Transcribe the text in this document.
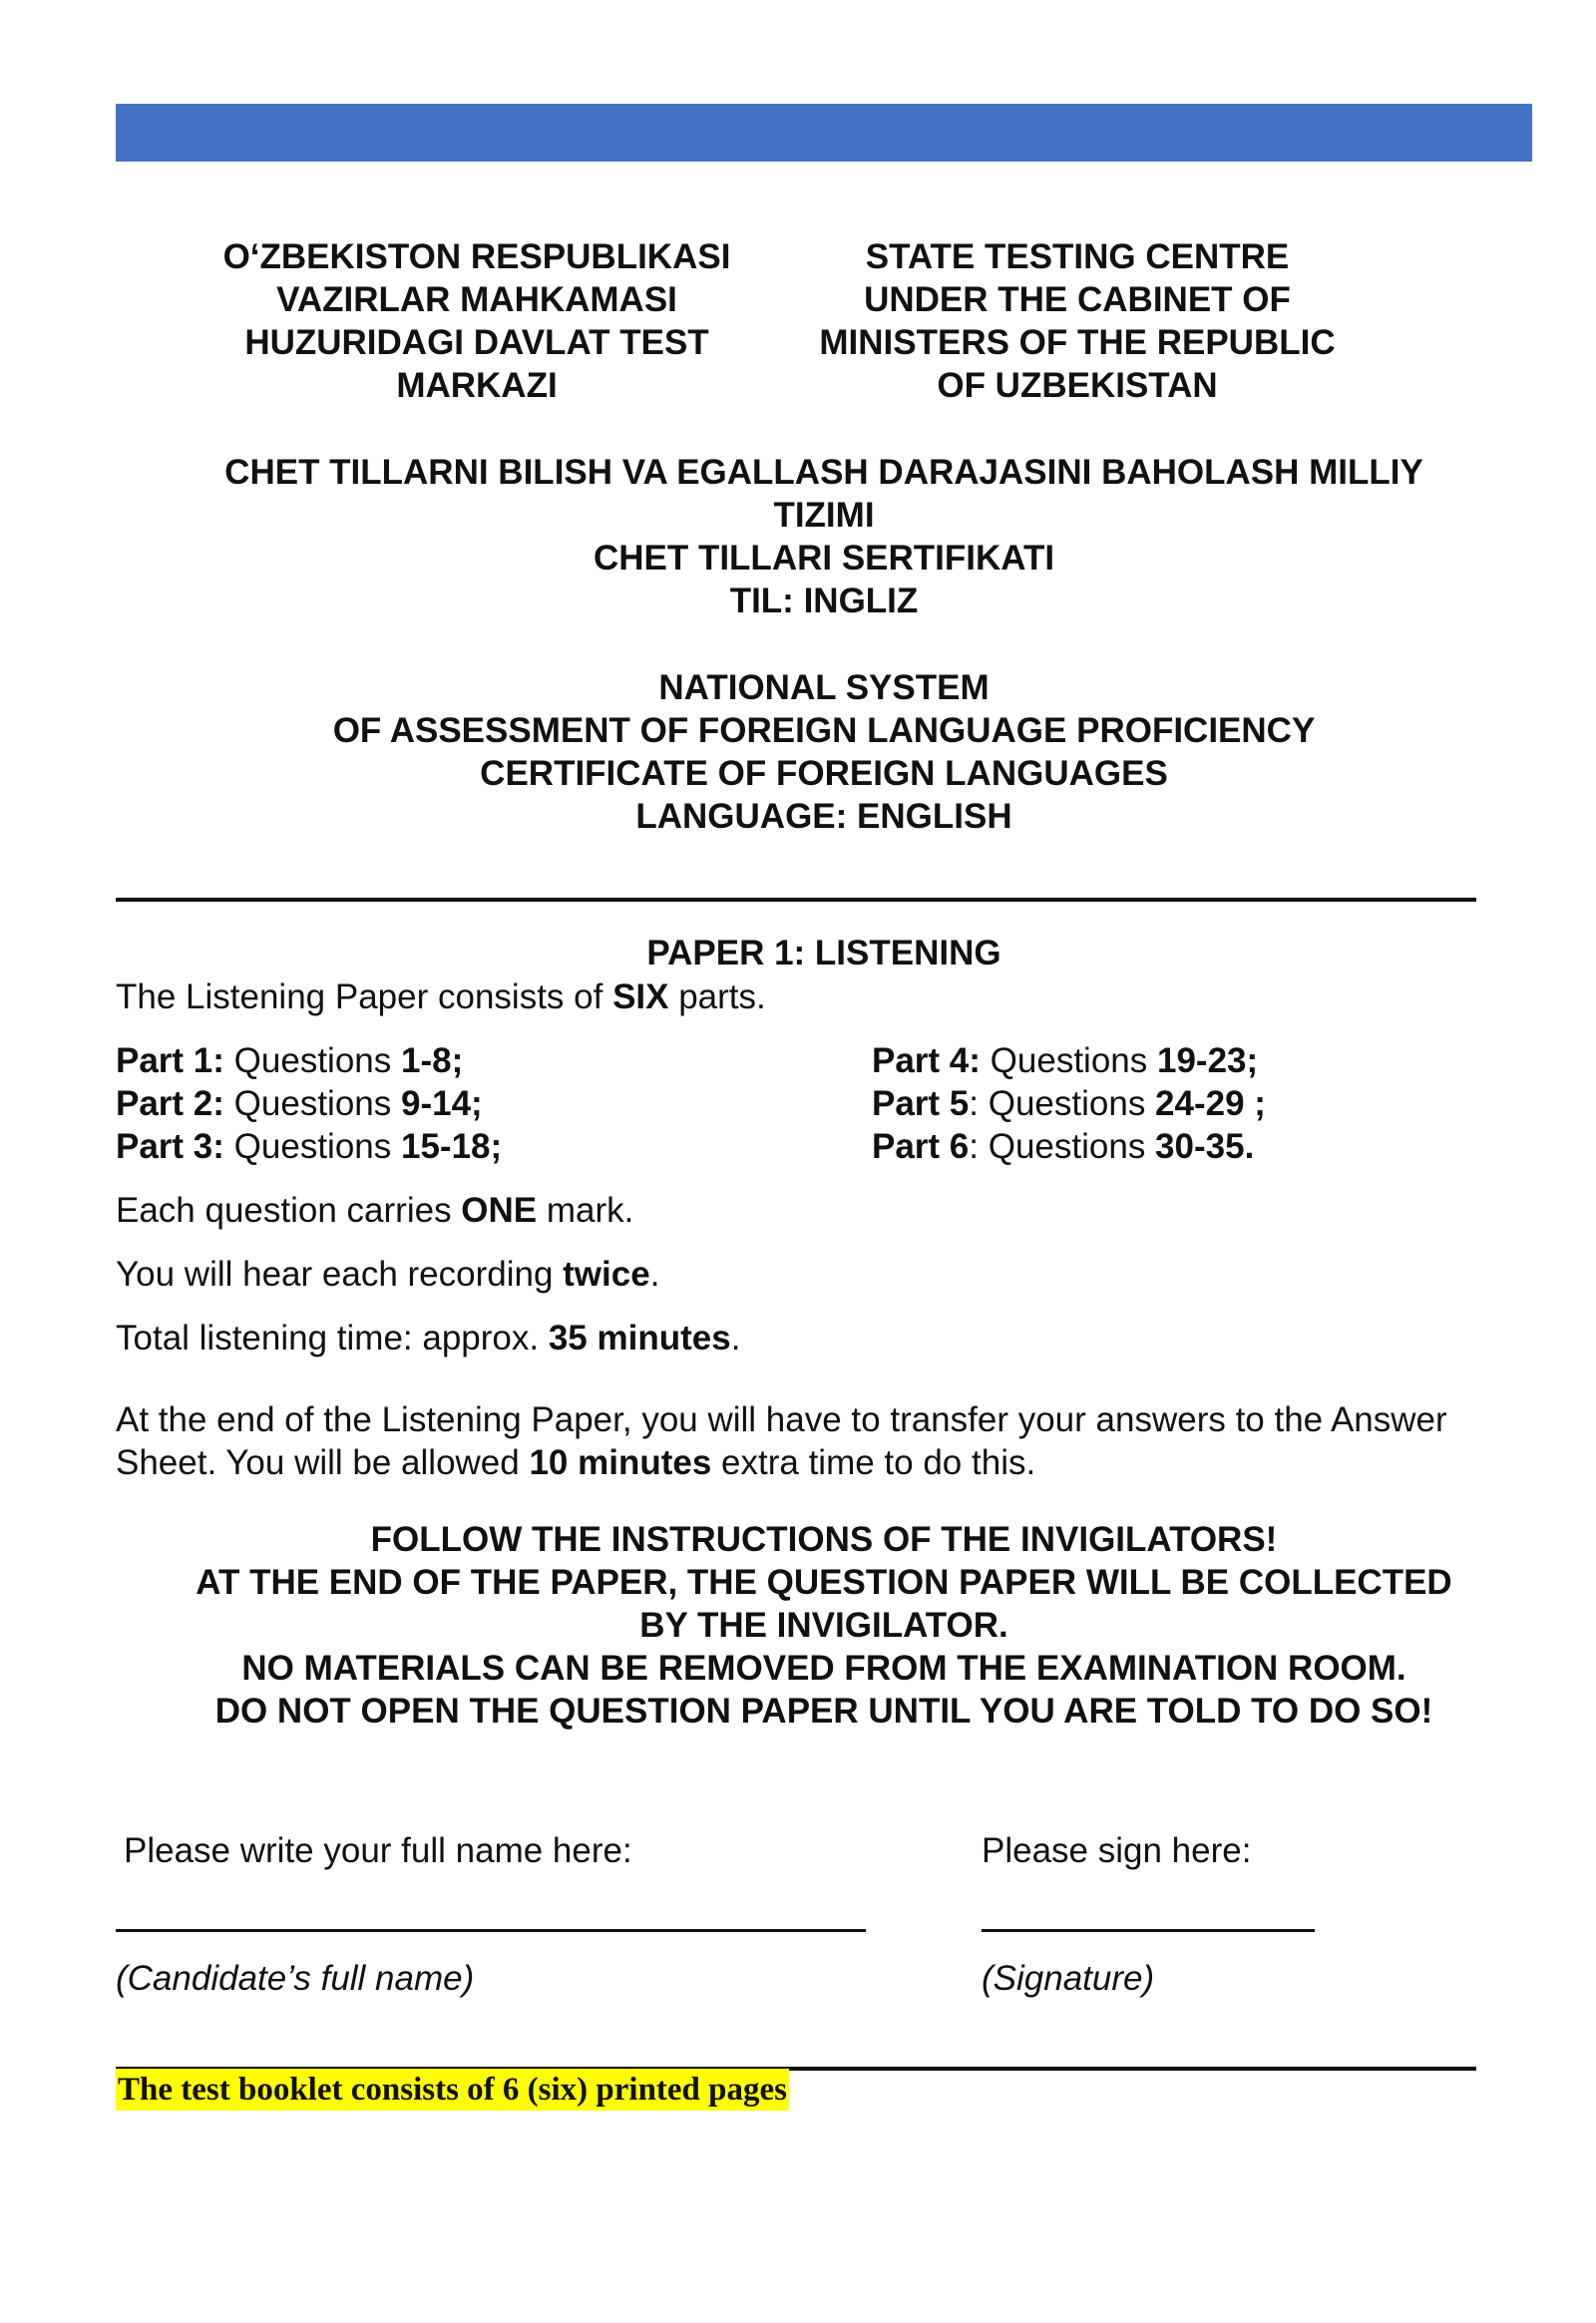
O‘ZBEKISTON RESPUBLIKASI
VAZIRLAR MAHKAMASI
HUZURIDAGI DAVLAT TEST
MARKAZI
STATE TESTING CENTRE
UNDER THE CABINET OF
MINISTERS OF THE REPUBLIC
OF UZBEKISTAN
CHET TILLARNI BILISH VA EGALLASH DARAJASINI BAHOLASH MILLIY
TIZIMI
CHET TILLARI SERTIFIKATI
TIL: INGLIZ
NATIONAL SYSTEM
OF ASSESSMENT OF FOREIGN LANGUAGE PROFICIENCY
CERTIFICATE OF FOREIGN LANGUAGES
LANGUAGE: ENGLISH
PAPER 1: LISTENING
The Listening Paper consists of SIX parts.
Part 1: Questions 1-8;
Part 2: Questions 9-14;
Part 3: Questions 15-18;
Part 4: Questions 19-23;
Part 5: Questions 24-29 ;
Part 6: Questions 30-35.
Each question carries ONE mark.
You will hear each recording twice.
Total listening time: approx. 35 minutes.
At the end of the Listening Paper, you will have to transfer your answers to the Answer Sheet. You will be allowed 10 minutes extra time to do this.
FOLLOW THE INSTRUCTIONS OF THE INVIGILATORS!
AT THE END OF THE PAPER, THE QUESTION PAPER WILL BE COLLECTED
BY THE INVIGILATOR.
NO MATERIALS CAN BE REMOVED FROM THE EXAMINATION ROOM.
DO NOT OPEN THE QUESTION PAPER UNTIL YOU ARE TOLD TO DO SO!
Please write your full name here:	Please sign here:
(Candidate’s full name)	(Signature)
The test booklet consists of 6 (six) printed pages
